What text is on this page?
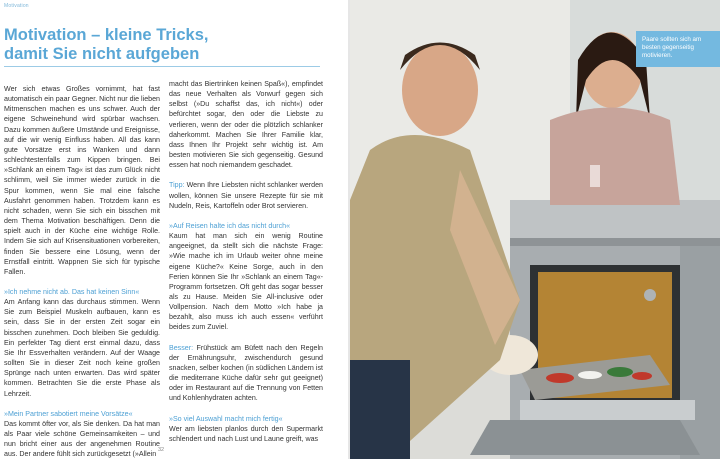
Motivation
Motivation – kleine Tricks,
damit Sie nicht aufgeben

Wer sich etwas Großes vornimmt, hat fast automatisch ein paar Gegner. Nicht nur die lieben Mitmenschen machen es uns schwer. Auch der eigene Schweinehund wird spürbar wachsen. Dazu kommen äußere Umstände und Ereignisse, auf die wir wenig Einfluss haben. All das kann gute Vorsätze erst ins Wanken und dann schlechtestenfalls zum Kippen bringen. Bei »Schlank an einem Tag« ist das zum Glück nicht schlimm, weil Sie immer wieder zurück in die Spur kommen, wenn Sie mal eine falsche Ausfahrt genommen haben. Trotzdem kann es nicht schaden, wenn Sie sich ein bisschen mit dem Thema Motivation beschäftigen. Denn die spielt auch in der Küche eine wichtige Rolle. Indem Sie sich auf Krisensituationen vorbereiten, finden Sie bessere eine Lösung, wenn der Ernstfall eintritt. Wappnen Sie sich für typische Fallen.

»Ich nehme nicht ab. Das hat keinen Sinn«

Am Anfang kann das durchaus stimmen. Wenn Sie zum Beispiel Muskeln aufbauen, kann es sein, dass Sie in der ersten Zeit sogar ein bisschen zunehmen. Doch bleiben Sie geduldig. Ein perfekter Tag dient erst einmal dazu, dass Sie Ihr Essverhalten verändern. Auf der Waage sollten Sie in dieser Zeit noch keine großen Sprünge nach unten erwarten. Das wird später kommen. Betrachten Sie die erste Phase als Lehrzeit.

»Mein Partner sabotiert meine Vorsätze«

Das kommt öfter vor, als Sie denken. Da hat man als Paar viele schöne Gemeinsamkeiten – und nun bricht einer aus der angenehmen Routine aus. Der andere fühlt sich zurückgesetzt (»Allein

macht das Biertrinken keinen Spaß«), empfindet das neue Verhalten als Vorwurf gegen sich selbst (»Du schaffst das, ich nicht«) oder befürchtet sogar, den oder die Liebste zu verlieren, wenn der oder die plötzlich schlanker daherkommt. Machen Sie Ihrer Familie klar, dass Ihnen Ihr Projekt sehr wichtig ist. Am besten motivieren Sie sich gegenseitig. Gesund essen hat noch niemandem geschadet.

Tipp: Wenn Ihre Liebsten nicht schlanker werden wollen, können Sie unsere Rezepte für sie mit Nudeln, Reis, Kartoffeln oder Brot servieren.

»Auf Reisen halte ich das nicht durch«

Kaum hat man sich ein wenig Routine angeeignet, da stellt sich die nächste Frage: »Wie mache ich im Urlaub weiter ohne meine eigene Küche?« Keine Sorge, auch in den Ferien können Sie Ihr »Schlank an einem Tag«-Programm fortsetzen. Oft geht das sogar besser als zu Hause. Meiden Sie All-inclusive oder Vollpension. Nach dem Motto »Ich habe ja bezahlt, also muss ich auch essen« verführt beides zum Zuviel.

Besser: Frühstück am Büfett nach den Regeln der Ernährungsuhr, zwischendurch gesund snacken, selber kochen (in südlichen Ländern ist die mediterrane Küche dafür sehr gut geeignet) oder im Restaurant auf die Trennung von Fetten und Kohlenhydraten achten.

»So viel Auswahl macht mich fertig«

Wer am liebsten planlos durch den Supermarkt schlendert und nach Lust und Laune greift, was

32
Paare sollten sich am besten gegenseitig motivieren.
